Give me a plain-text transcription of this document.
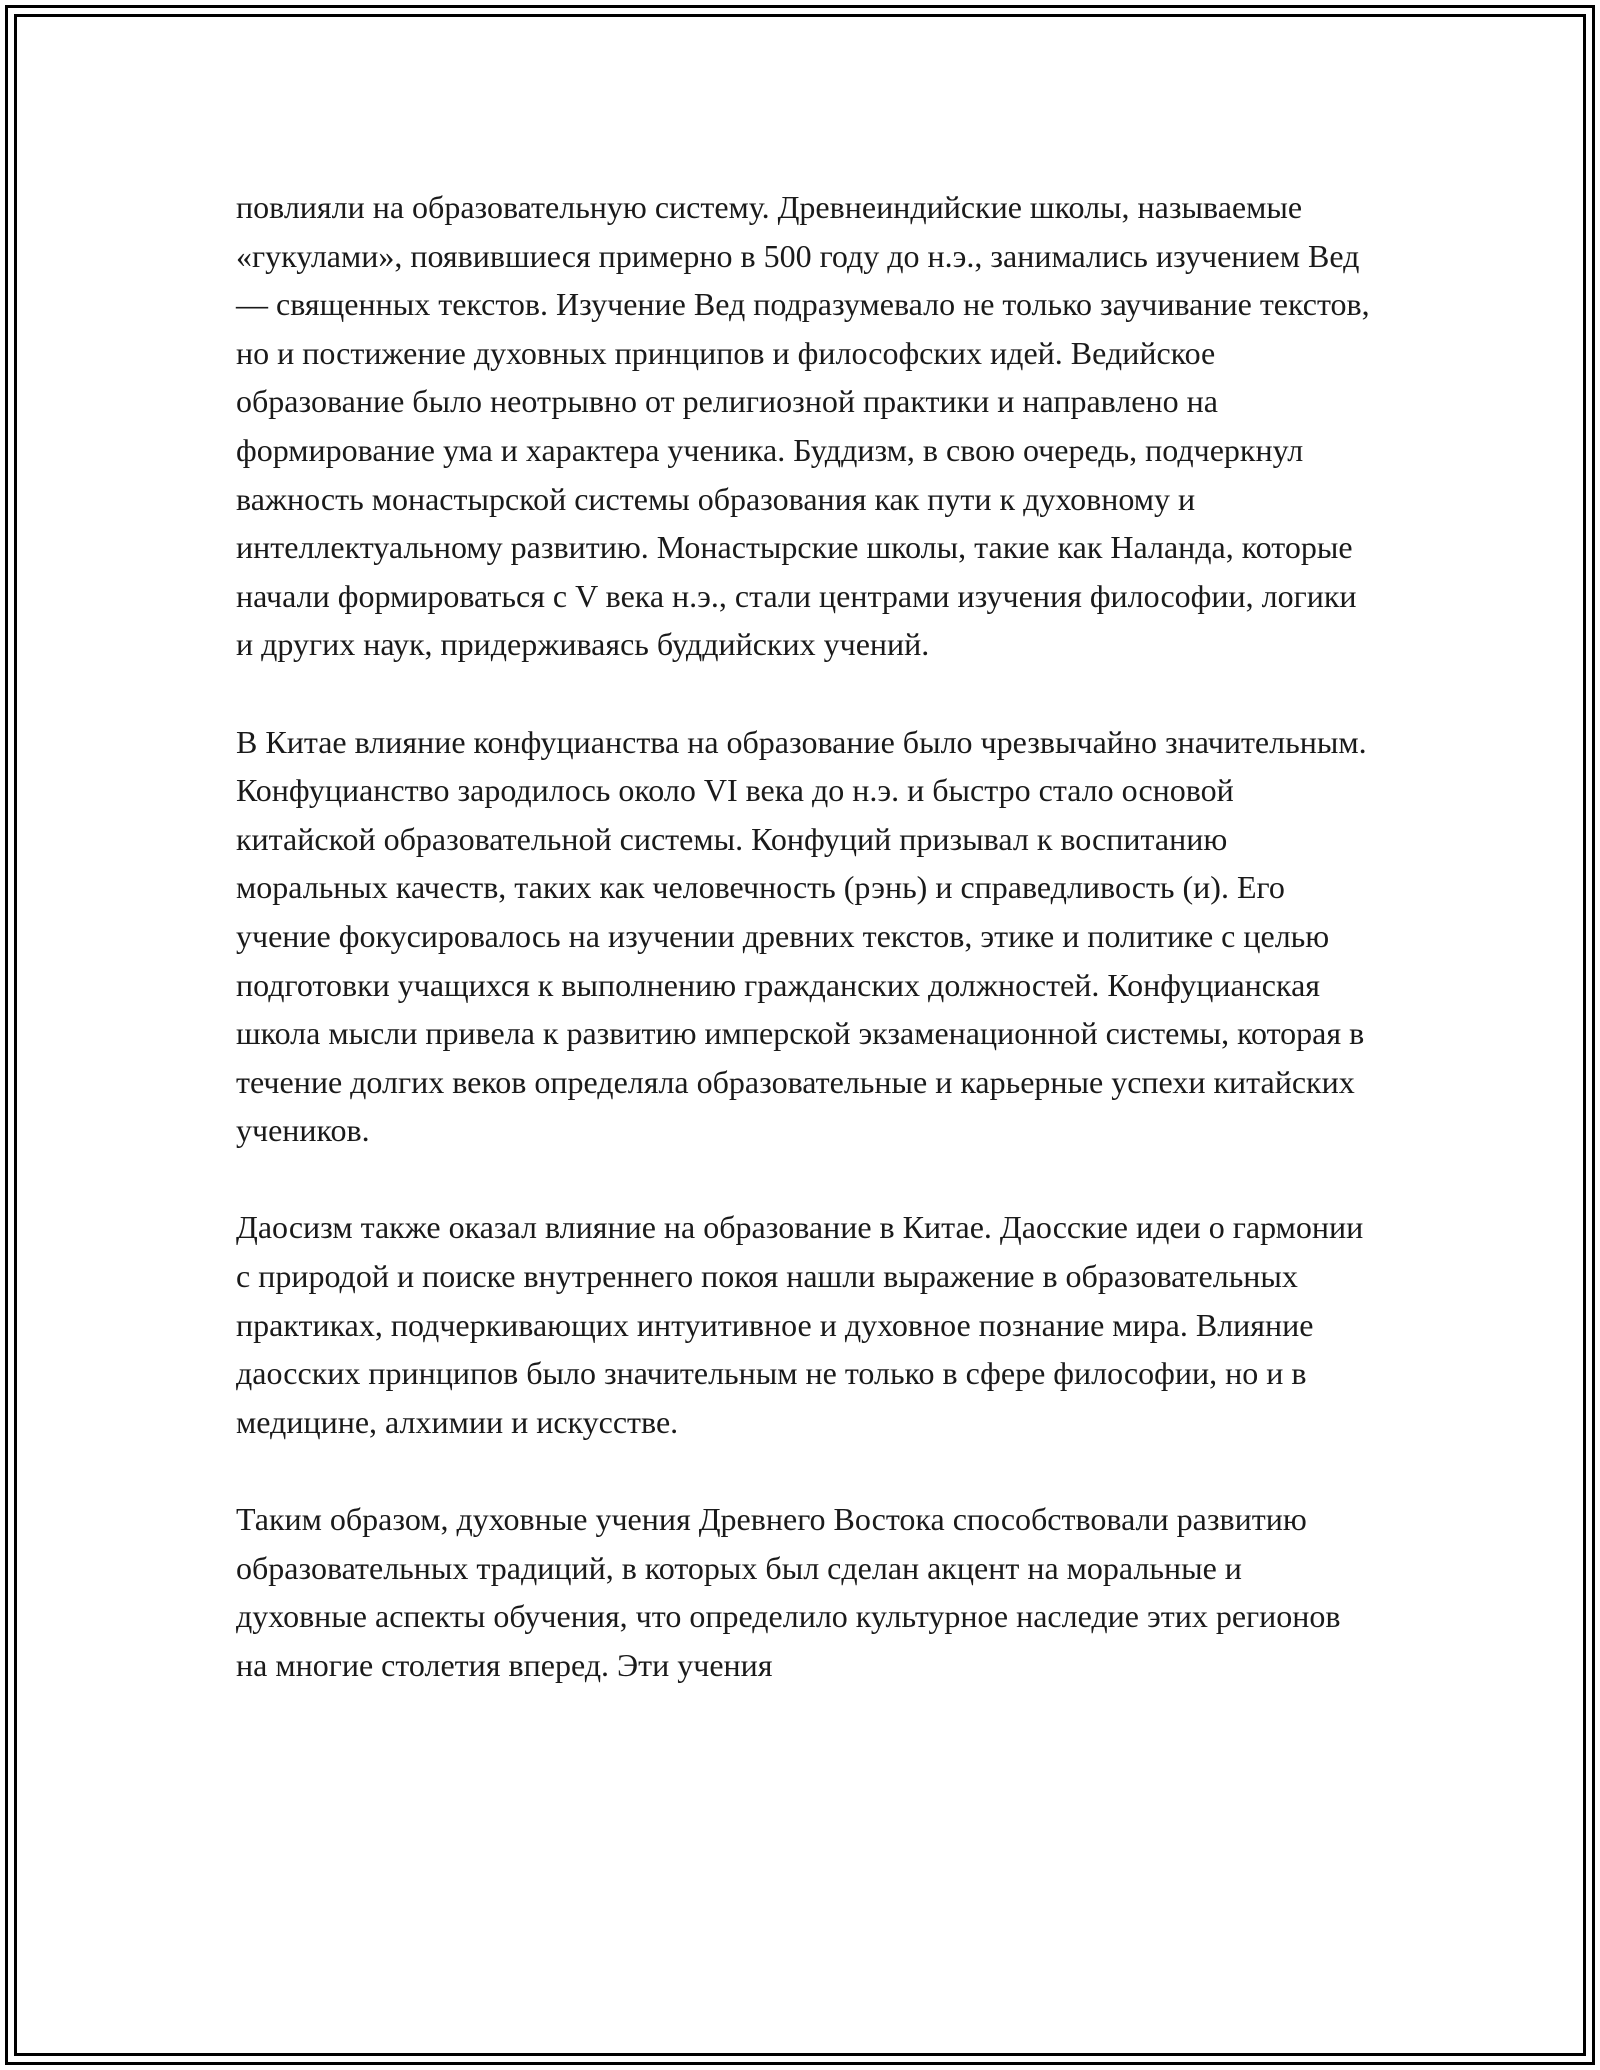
повлияли на образовательную систему. Древнеиндийские школы, называемые «гукулами», появившиеся примерно в 500 году до н.э., занимались изучением Вед — священных текстов. Изучение Вед подразумевало не только заучивание текстов, но и постижение духовных принципов и философских идей. Ведийское образование было неотрывно от религиозной практики и направлено на формирование ума и характера ученика. Буддизм, в свою очередь, подчеркнул важность монастырской системы образования как пути к духовному и интеллектуальному развитию. Монастырские школы, такие как Наланда, которые начали формироваться с V века н.э., стали центрами изучения философии, логики и других наук, придерживаясь буддийских учений.

В Китае влияние конфуцианства на образование было чрезвычайно значительным. Конфуцианство зародилось около VI века до н.э. и быстро стало основой китайской образовательной системы. Конфуций призывал к воспитанию моральных качеств, таких как человечность (рэнь) и справедливость (и). Его учение фокусировалось на изучении древних текстов, этике и политике с целью подготовки учащихся к выполнению гражданских должностей. Конфуцианская школа мысли привела к развитию имперской экзаменационной системы, которая в течение долгих веков определяла образовательные и карьерные успехи китайских учеников.

Даосизм также оказал влияние на образование в Китае. Даосские идеи о гармонии с природой и поиске внутреннего покоя нашли выражение в образовательных практиках, подчеркивающих интуитивное и духовное познание мира. Влияние даосских принципов было значительным не только в сфере философии, но и в медицине, алхимии и искусстве.

Таким образом, духовные учения Древнего Востока способствовали развитию образовательных традиций, в которых был сделан акцент на моральные и духовные аспекты обучения, что определило культурное наследие этих регионов на многие столетия вперед. Эти учения
